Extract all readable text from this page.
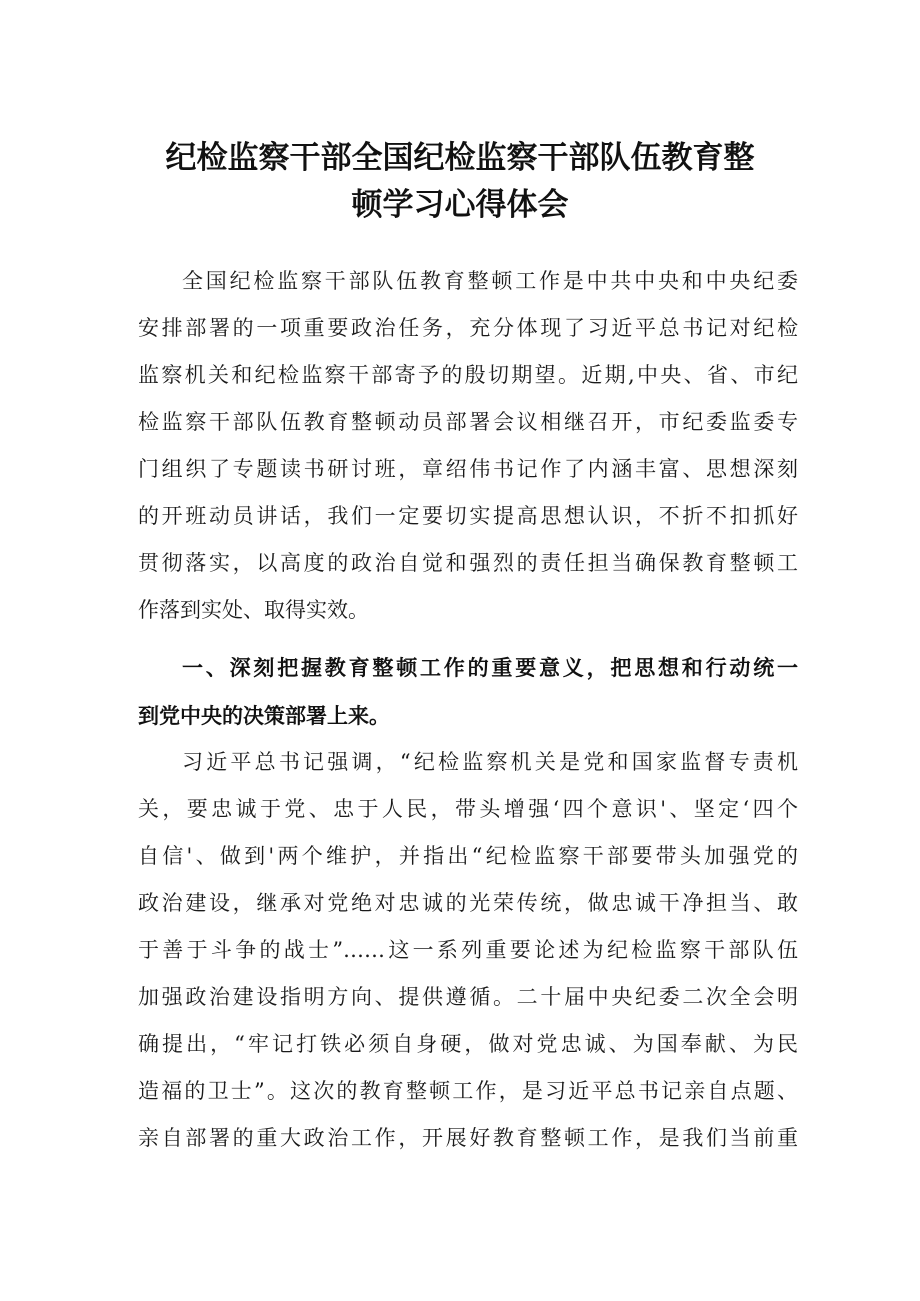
纪检监察干部全国纪检监察干部队伍教育整
顿学习心得体会
全国纪检监察干部队伍教育整顿工作是中共中央和中央纪委
安排部署的一项重要政治任务，充分体现了习近平总书记对纪检
监察机关和纪检监察干部寄予的殷切期望。近期,中央、省、市纪
检监察干部队伍教育整顿动员部署会议相继召开，市纪委监委专
门组织了专题读书研讨班，章绍伟书记作了内涵丰富、思想深刻
的开班动员讲话，我们一定要切实提高思想认识，不折不扣抓好
贯彻落实，以高度的政治自觉和强烈的责任担当确保教育整顿工
作落到实处、取得实效。
一、深刻把握教育整顿工作的重要意义，把思想和行动统一
到党中央的决策部署上来。
习近平总书记强调，“纪检监察机关是党和国家监督专责机
关，要忠诚于党、忠于人民，带头增强‘四个意识'、坚定‘四个
自信'、做到'两个维护，并指出“纪检监察干部要带头加强党的
政治建设，继承对党绝对忠诚的光荣传统，做忠诚干净担当、敢
于善于斗争的战士”……这一系列重要论述为纪检监察干部队伍
加强政治建设指明方向、提供遵循。二十届中央纪委二次全会明
确提出，“牢记打铁必须自身硬，做对党忠诚、为国奉献、为民
造福的卫士”。这次的教育整顿工作，是习近平总书记亲自点题、
亲自部署的重大政治工作，开展好教育整顿工作，是我们当前重
